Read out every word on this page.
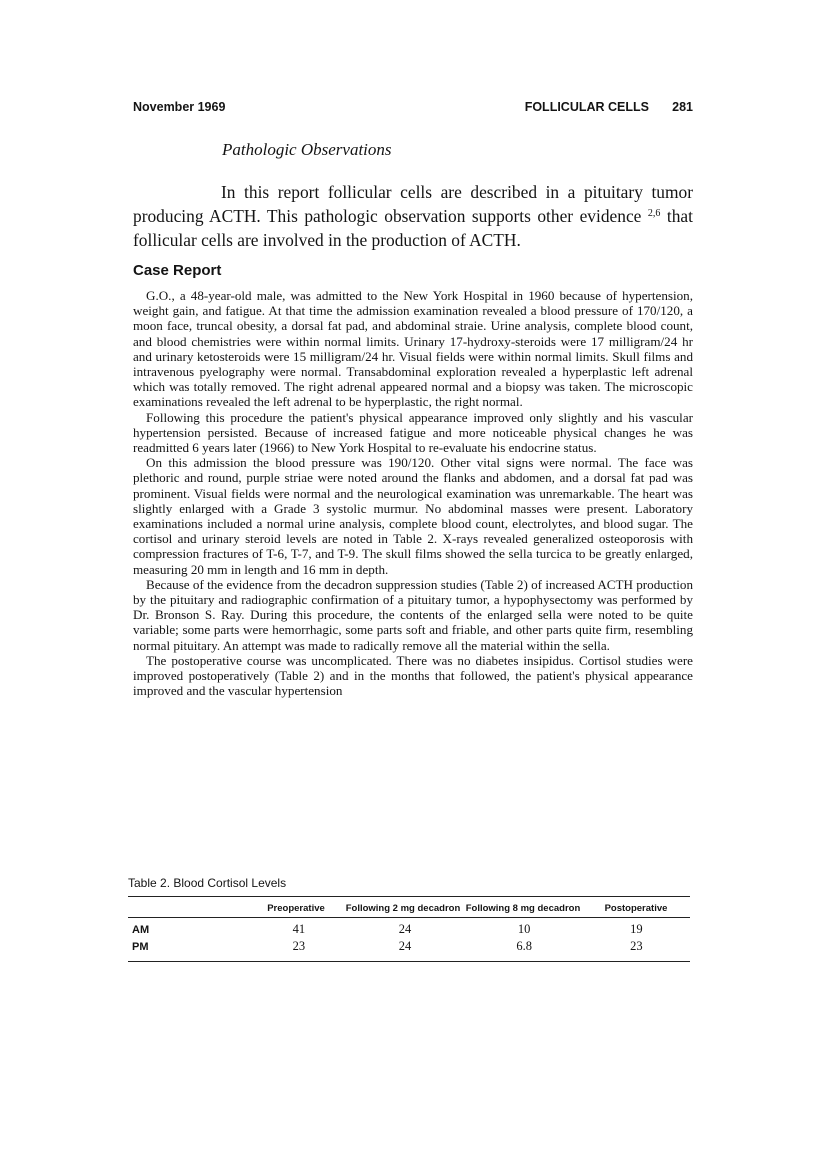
November 1969	FOLLICULAR CELLS 281
Pathologic Observations

In this report follicular cells are described in a pituitary tumor producing ACTH. This pathologic observation supports other evidence $^{2,6}$ that follicular cells are involved in the production of ACTH.

Case Report

G.O., a 48-year-old male, was admitted to the New York Hospital in 1960 because of hypertension, weight gain, and fatigue. At that time the admission examination revealed a blood pressure of 170/120, a moon face, truncal obesity, a dorsal fat pad, and abdominal straie. Urine analysis, complete blood count, and blood chemistries were within normal limits. Urinary 17-hydroxy-steroids were 17 milligram/24 hr and urinary ketosteroids were 15 milligram/24 hr. Visual fields were within normal limits. Skull films and intravenous pyelography were normal. Transabdominal exploration revealed a hyperplastic left adrenal which was totally removed. The right adrenal appeared normal and a biopsy was taken. The microscopic examinations revealed the left adrenal to be hyperplastic, the right normal.

Following this procedure the patient's physical appearance improved only slightly and his vascular hypertension persisted. Because of increased fatigue and more noticeable physical changes he was readmitted 6 years later (1966) to New York Hospital to re-evaluate his endocrine status.

On this admission the blood pressure was 190/120. Other vital signs were normal. The face was plethoric and round, purple striae were noted around the flanks and abdomen, and a dorsal fat pad was prominent. Visual fields were normal and the neurological examination was unremarkable. The heart was slightly enlarged with a Grade 3 systolic murmur. No abdominal masses were present. Laboratory examinations included a normal urine analysis, complete blood count, electrolytes, and blood sugar. The cortisol and urinary steroid levels are noted in Table 2. X-rays revealed generalized osteoporosis with compression fractures of T-6, T-7, and T-9. The skull films showed the sella turcica to be greatly enlarged, measuring 20 mm in length and 16 mm in depth.

Because of the evidence from the decadron suppression studies (Table 2) of increased ACTH production by the pituitary and radiographic confirmation of a pituitary tumor, a hypophysectomy was performed by Dr. Bronson S. Ray. During this procedure, the contents of the enlarged sella were noted to be quite variable; some parts were hemorrhagic, some parts soft and friable, and other parts quite firm, resembling normal pituitary. An attempt was made to radically remove all the material within the sella.

The postoperative course was uncomplicated. There was no diabetes insipidus. Cortisol studies were improved postoperatively (Table 2) and in the months that followed, the patient's physical appearance improved and the vascular hypertension

Table 2. Blood Cortisol Levels
	Preoperative	Following 2 mg decadron	Following 8 mg decadron	Postoperative
AM	41	24	10	19
PM	23	24	6.8	23
